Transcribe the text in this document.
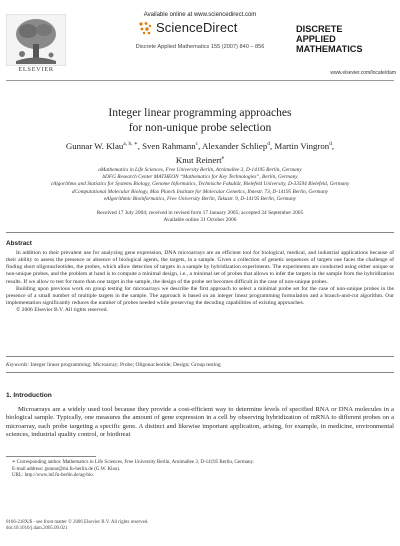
ELSEVIER
Available online at www.sciencedirect.com
ScienceDirect
Discrete Applied Mathematics 155 (2007) 840 – 856
DISCRETE
APPLIED
MATHEMATICS
www.elsevier.com/locate/dam
Integer linear programming approaches
for non-unique probe selection
Gunnar W. Klau$^{a, b, ∗}$, Sven Rahmann$^c$, Alexander Schliep$^d$, Martin Vingron$^d$,
Knut Reinert$^e$
aMathematics in Life Sciences, Free University Berlin, Arnimallee 3, D-14195 Berlin, Germany
bDFG Research Center MATHEON “Mathematics for Key Technologies”, Berlin, Germany
cAlgorithms and Statistics for Systems Biology, Genome Informatics, Technische Fakultät, Bielefeld University, D-33594 Bielefeld, Germany
dComputational Molecular Biology, Max Planck Institute for Molecular Genetics, Ihnestr. 73, D-14195 Berlin, Germany
eAlgorithmic Bioinformatics, Free University Berlin, Takustr. 9, D-14195 Berlin, Germany
Received 17 July 2004; received in revised form 17 January 2005; accepted 24 September 2005
Available online 31 October 2006
Abstract

In addition to their prevalent use for analyzing gene expression, DNA microarrays are an efficient tool for biological, medical, and industrial applications because of their ability to assess the presence or absence of biological agents, the targets, in a sample. Given a collection of genetic sequences of targets one faces the challenge of finding short oligonucleotides, the probes, which allow detection of targets in a sample by hybridization experiments. The experiments are conducted using either unique or non-unique probes, and the problem at hand is to compute a minimal design, i.e., a minimal set of probes that allows to infer the targets in the sample from the hybridization results. If we allow to test for more than one target in the sample, the design of the probe set becomes difficult in the case of non-unique probes.

Building upon previous work on group testing for microarrays we describe the first approach to select a minimal probe set for the case of non-unique probes in the presence of a small number of multiple targets in the sample. The approach is based on an integer linear programming formulation and a branch-and-cut algorithm. Our implementation significantly reduces the number of probes needed while preserving the decoding capabilities of existing approaches.

© 2006 Elsevier B.V. All rights reserved.

Keywords: Integer linear programming; Microarray; Probe; Oligonucleotide; Design; Group testing
1. Introduction
Microarrays are a widely used tool because they provide a cost-efficient way to determine levels of specified RNA or DNA molecules in a biological sample. Typically, one measures the amount of gene expression in a cell by observing hybridization of mRNA to different probes on a microarray, each probe targeting a specific gene. A distinct and likewise important application, arising, for example, in medicine, environmental sciences, industrial quality control, or biothreat
∗ Corresponding author. Mathematics in Life Sciences, Free University Berlin, Arnimallee 3, D-14195 Berlin, Germany.
E-mail address: gunnar@mi.fu-berlin.de (G.W. Klau).
URL: http://www.inf.fu-berlin.de/ag-bio.
0166-218X/$ - see front matter © 2006 Elsevier B.V. All rights reserved.
doi:10.1016/j.dam.2005.09.021
